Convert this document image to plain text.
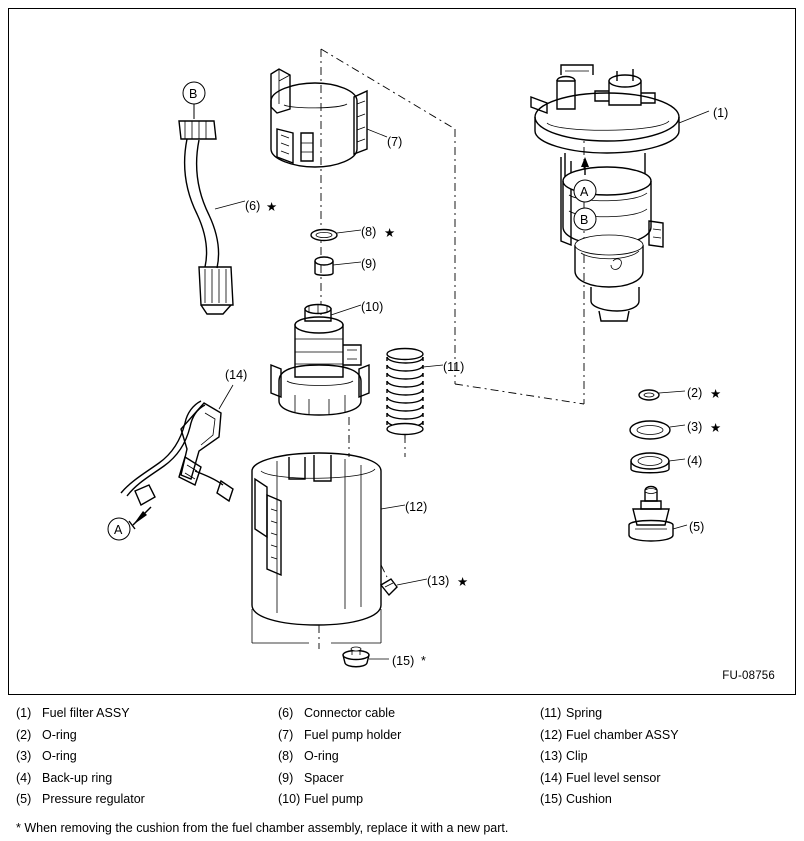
B
(6) ★
(7)
(8) ★
(9)
(10)
(11)
(12)
(13) ★
(15) *
(14)
A
(1)
A
B
(2) ★
(3) ★
(4)
(5)
FU-08756
(1) Fuel filter ASSY
(2) O-ring
(3) O-ring
(4) Back-up ring
(5) Pressure regulator
(6) Connector cable
(7) Fuel pump holder
(8) O-ring
(9) Spacer
(10) Fuel pump
(11) Spring
(12) Fuel chamber ASSY
(13) Clip
(14) Fuel level sensor
(15) Cushion
* When removing the cushion from the fuel chamber assembly, replace it with a new part.
